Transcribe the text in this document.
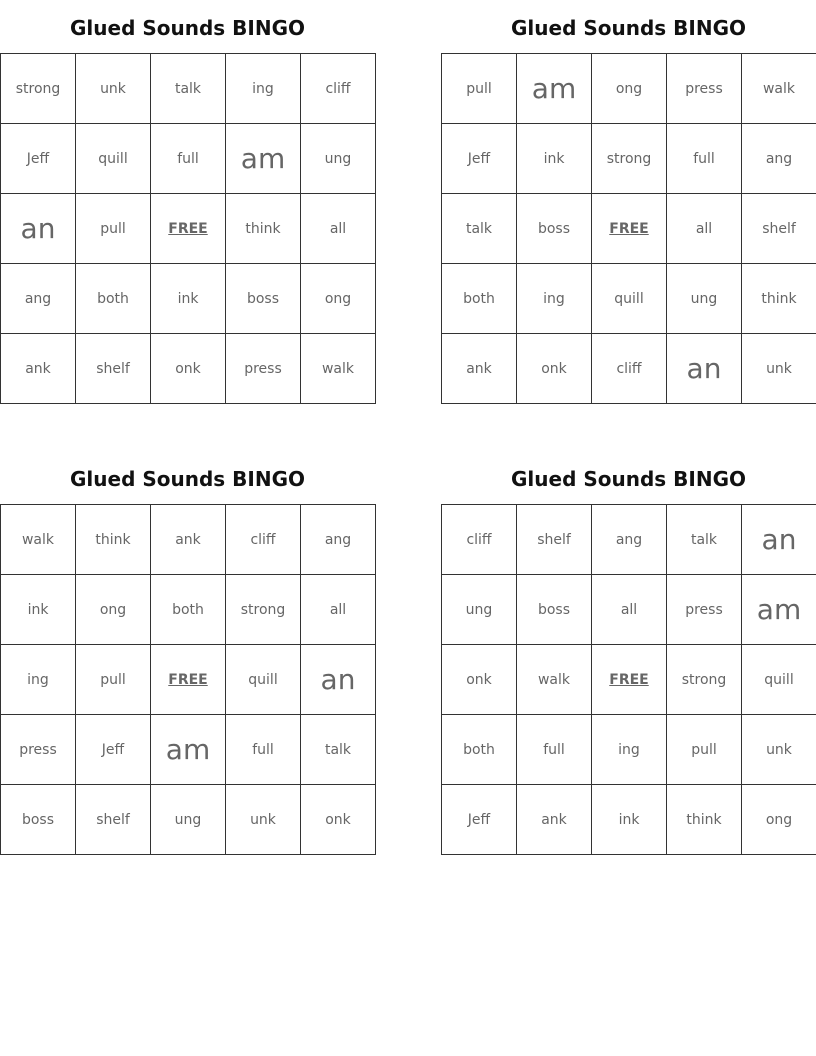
Glued Sounds BINGO
strong	unk	talk	ing	cliff
Jeff	quill	full	am	ung
an	pull	FREE	think	all
ang	both	ink	boss	ong
ank	shelf	onk	press	walk
Glued Sounds BINGO
pull	am	ong	press	walk
Jeff	ink	strong	full	ang
talk	boss	FREE	all	shelf
both	ing	quill	ung	think
ank	onk	cliff	an	unk
Glued Sounds BINGO
walk	think	ank	cliff	ang
ink	ong	both	strong	all
ing	pull	FREE	quill	an
press	Jeff	am	full	talk
boss	shelf	ung	unk	onk
Glued Sounds BINGO
cliff	shelf	ang	talk	an
ung	boss	all	press	am
onk	walk	FREE	strong	quill
both	full	ing	pull	unk
Jeff	ank	ink	think	ong
